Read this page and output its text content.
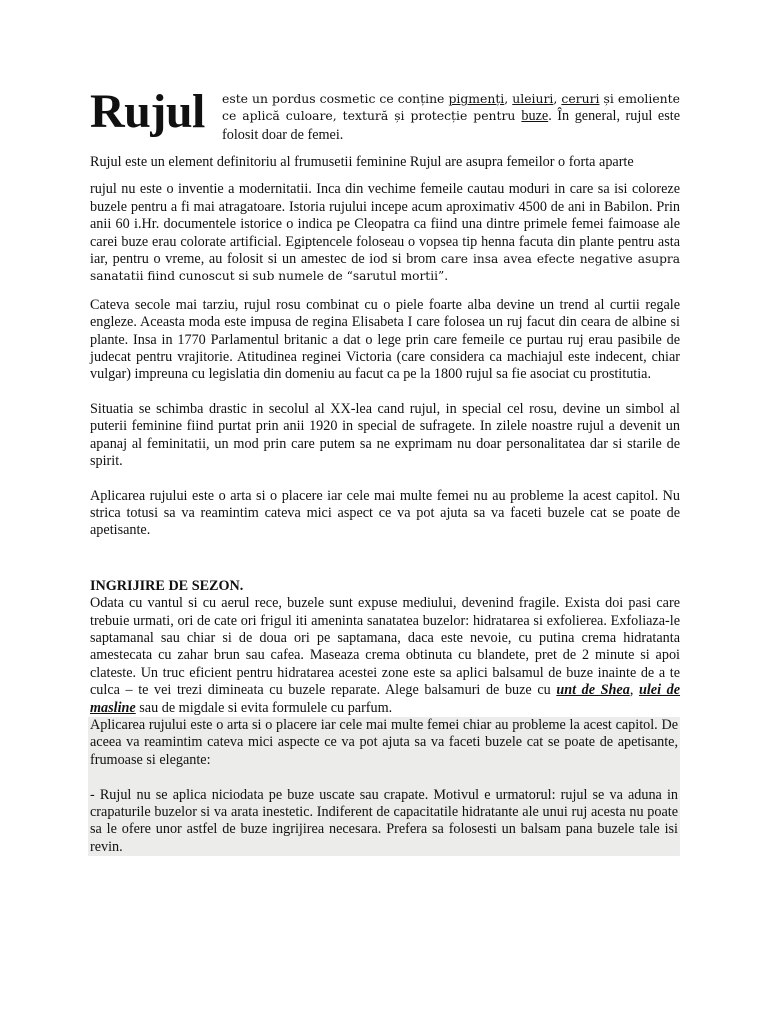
Rujul este un pordus cosmetic ce conține pigmenți, uleiuri, ceruri și emoliente ce aplică culoare, textură și protecție pentru buze. În general, rujul este folosit doar de femei.

Rujul este un element definitoriu al frumusetii feminine Rujul are asupra femeilor o forta aparte

rujul nu este o inventie a modernitatii. Inca din vechime femeile cautau moduri in care sa isi coloreze buzele pentru a fi mai atragatoare. Istoria rujului incepe acum aproximativ 4500 de ani in Babilon. Prin anii 60 i.Hr. documentele istorice o indica pe Cleopatra ca fiind una dintre primele femei faimoase ale carei buze erau colorate artificial. Egiptencele foloseau o vopsea tip henna facuta din plante pentru asta iar, pentru o vreme, au folosit si un amestec de iod si brom care insa avea efecte negative asupra sanatatii fiind cunoscut si sub numele de “sarutul mortii”.

Cateva secole mai tarziu, rujul rosu combinat cu o piele foarte alba devine un trend al curtii regale engleze. Aceasta moda este impusa de regina Elisabeta I care folosea un ruj facut din ceara de albine si plante. Insa in 1770 Parlamentul britanic a dat o lege prin care femeile ce purtau ruj erau pasibile de judecat pentru vrajitorie. Atitudinea reginei Victoria (care considera ca machiajul este indecent, chiar vulgar) impreuna cu legislatia din domeniu au facut ca pe la 1800 rujul sa fie asociat cu prostitutia.

Situatia se schimba drastic in secolul al XX-lea cand rujul, in special cel rosu, devine un simbol al puterii feminine fiind purtat prin anii 1920 in special de sufragete. In zilele noastre rujul a devenit un apanaj al feminitatii, un mod prin care putem sa ne exprimam nu doar personalitatea dar si starile de spirit.

Aplicarea rujului este o arta si o placere iar cele mai multe femei nu au probleme la acest capitol. Nu strica totusi sa va reamintim cateva mici aspect ce va pot ajuta sa va faceti buzele cat se poate de apetisante.

INGRIJIRE DE SEZON.

Odata cu vantul si cu aerul rece, buzele sunt expuse mediului, devenind fragile. Exista doi pasi care trebuie urmati, ori de cate ori frigul iti ameninta sanatatea buzelor: hidratarea si exfolierea. Exfoliaza-le saptamanal sau chiar si de doua ori pe saptamana, daca este nevoie, cu putina crema hidratanta amestecata cu zahar brun sau cafea. Maseaza crema obtinuta cu blandete, pret de 2 minute si apoi clateste. Un truc eficient pentru hidratarea acestei zone este sa aplici balsamul de buze inainte de a te culca – te vei trezi dimineata cu buzele reparate. Alege balsamuri de buze cu unt de Shea, ulei de masline sau de migdale si evita formulele cu parfum.

Aplicarea rujului este o arta si o placere iar cele mai multe femei chiar au probleme la acest capitol. De aceea va reamintim cateva mici aspecte ce va pot ajuta sa va faceti buzele cat se poate de apetisante, frumoase si elegante:

- Rujul nu se aplica niciodata pe buze uscate sau crapate. Motivul e urmatorul: rujul se va aduna in crapaturile buzelor si va arata inestetic. Indiferent de capacitatile hidratante ale unui ruj acesta nu poate sa le ofere unor astfel de buze ingrijirea necesara. Prefera sa folosesti un balsam pana buzele tale isi revin.
